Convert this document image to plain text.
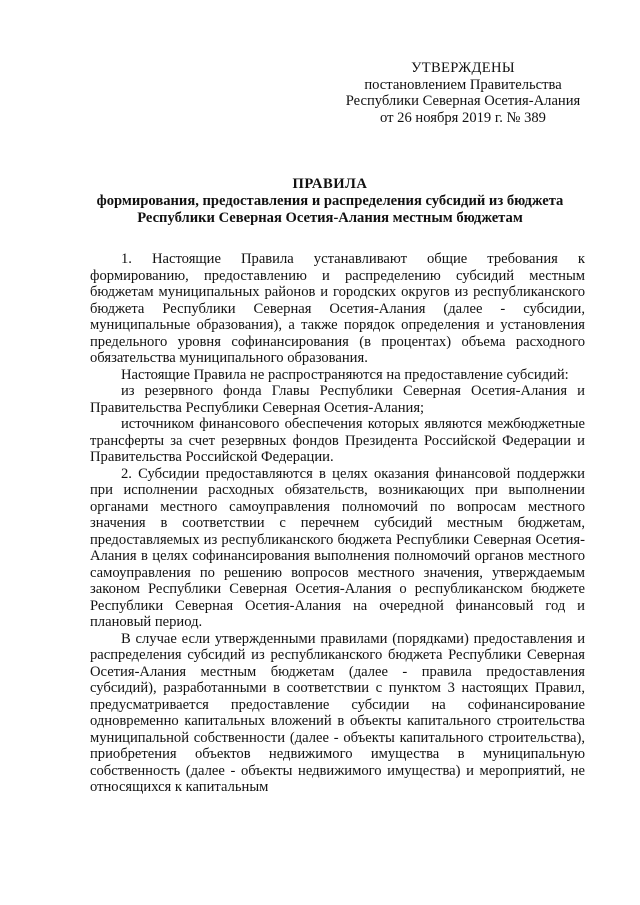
УТВЕРЖДЕНЫ
постановлением Правительства
Республики Северная Осетия-Алания
от 26 ноября 2019 г. № 389
ПРАВИЛА
формирования, предоставления и распределения субсидий из бюджета
Республики Северная Осетия-Алания местным бюджетам

1. Настоящие Правила устанавливают общие требования к формированию, предоставлению и распределению субсидий местным бюджетам муниципальных районов и городских округов из республиканского бюджета Республики Северная Осетия-Алания (далее - субсидии, муниципальные образования), а также порядок определения и установления предельного уровня софинансирования (в процентах) объема расходного обязательства муниципального образования.

Настоящие Правила не распространяются на предоставление субсидий:

из резервного фонда Главы Республики Северная Осетия-Алания и Правительства Республики Северная Осетия-Алания;

источником финансового обеспечения которых являются межбюджетные трансферты за счет резервных фондов Президента Российской Федерации и Правительства Российской Федерации.

2. Субсидии предоставляются в целях оказания финансовой поддержки при исполнении расходных обязательств, возникающих при выполнении органами местного самоуправления полномочий по вопросам местного значения в соответствии с перечнем субсидий местным бюджетам, предоставляемых из республиканского бюджета Республики Северная Осетия-Алания в целях софинансирования выполнения полномочий органов местного самоуправления по решению вопросов местного значения, утверждаемым законом Республики Северная Осетия-Алания о республиканском бюджете Республики Северная Осетия-Алания на очередной финансовый год и плановый период.

В случае если утвержденными правилами (порядками) предоставления и распределения субсидий из республиканского бюджета Республики Северная Осетия-Алания местным бюджетам (далее - правила предоставления субсидий), разработанными в соответствии с пунктом 3 настоящих Правил, предусматривается предоставление субсидии на софинансирование одновременно капитальных вложений в объекты капитального строительства муниципальной собственности (далее - объекты капитального строительства), приобретения объектов недвижимого имущества в муниципальную собственность (далее - объекты недвижимого имущества) и мероприятий, не относящихся к капитальным
